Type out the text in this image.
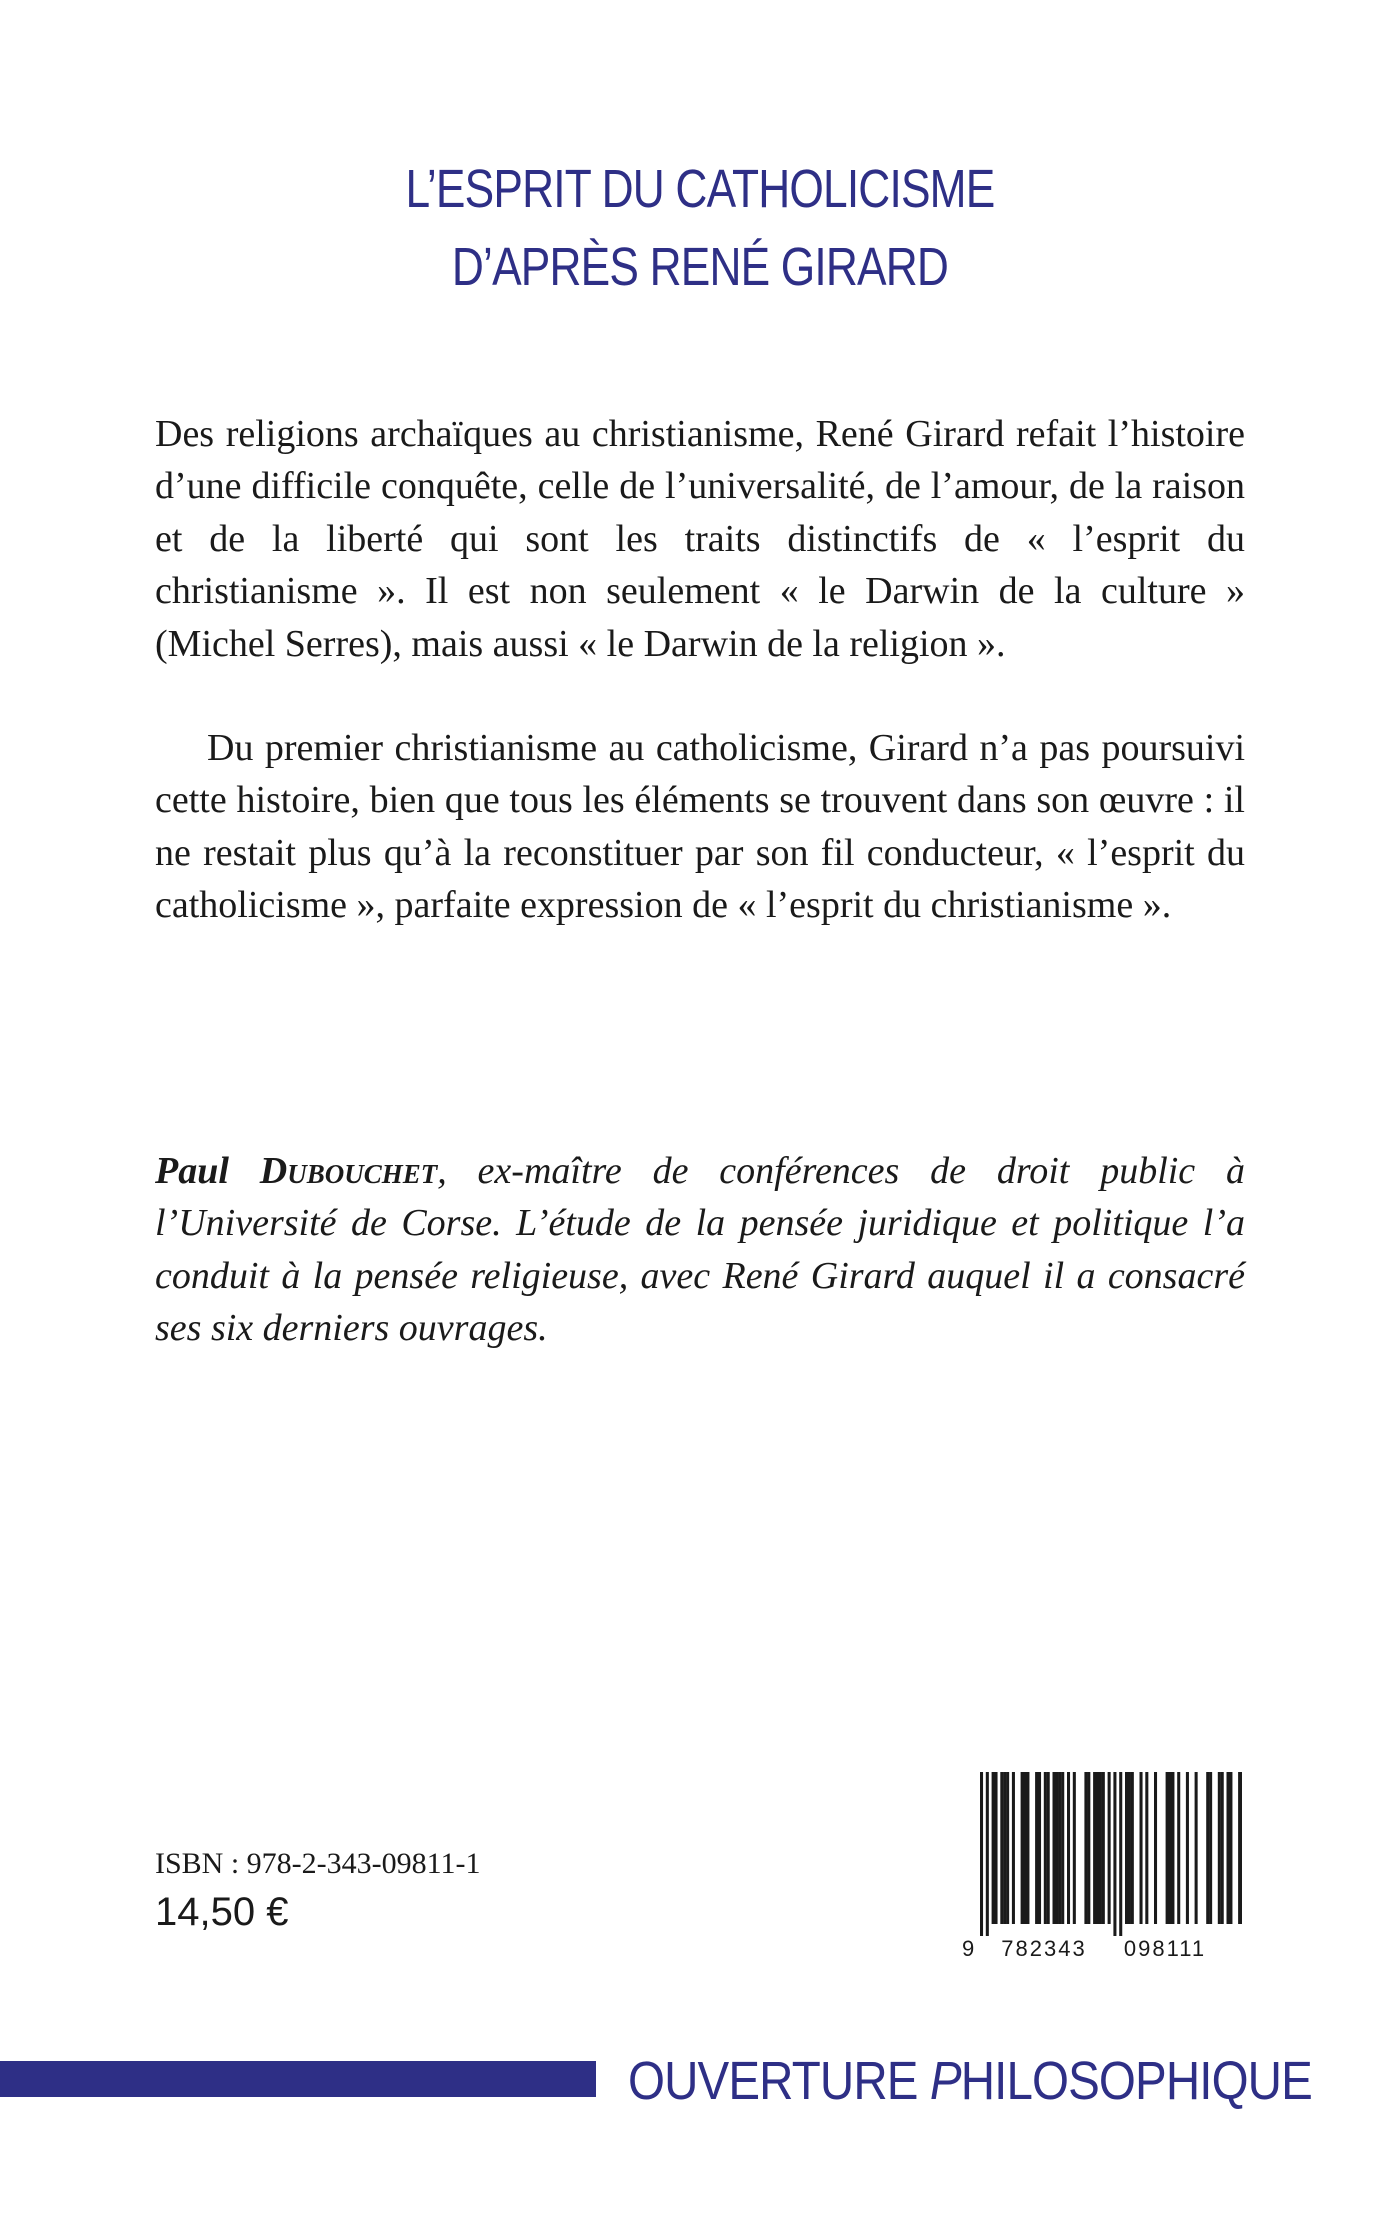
L’ESPRIT DU CATHOLICISME
D’APRÈS RENÉ GIRARD

Des religions archaïques au christianisme, René Girard refait l’histoire d’une difficile conquête, celle de l’universalité, de l’amour, de la raison et de la liberté qui sont les traits distinctifs de « l’esprit du christianisme ». Il est non seulement « le Darwin de la culture » (Michel Serres), mais aussi « le Darwin de la religion ».

Du premier christianisme au catholicisme, Girard n’a pas poursuivi cette histoire, bien que tous les éléments se trouvent dans son œuvre : il ne restait plus qu’à la reconstituer par son fil conducteur, « l’esprit du catholicisme », parfaite expression de « l’esprit du christianisme ».

Paul Dubouchet, ex-maître de conférences de droit public à l’Université de Corse. L’étude de la pensée juridique et politique l’a conduit à la pensée religieuse, avec René Girard auquel il a consacré ses six derniers ouvrages.

ISBN : 978-2-343-09811-1
14,50 €
9 782343 098111
OUVERTURE PHILOSOPHIQUE
